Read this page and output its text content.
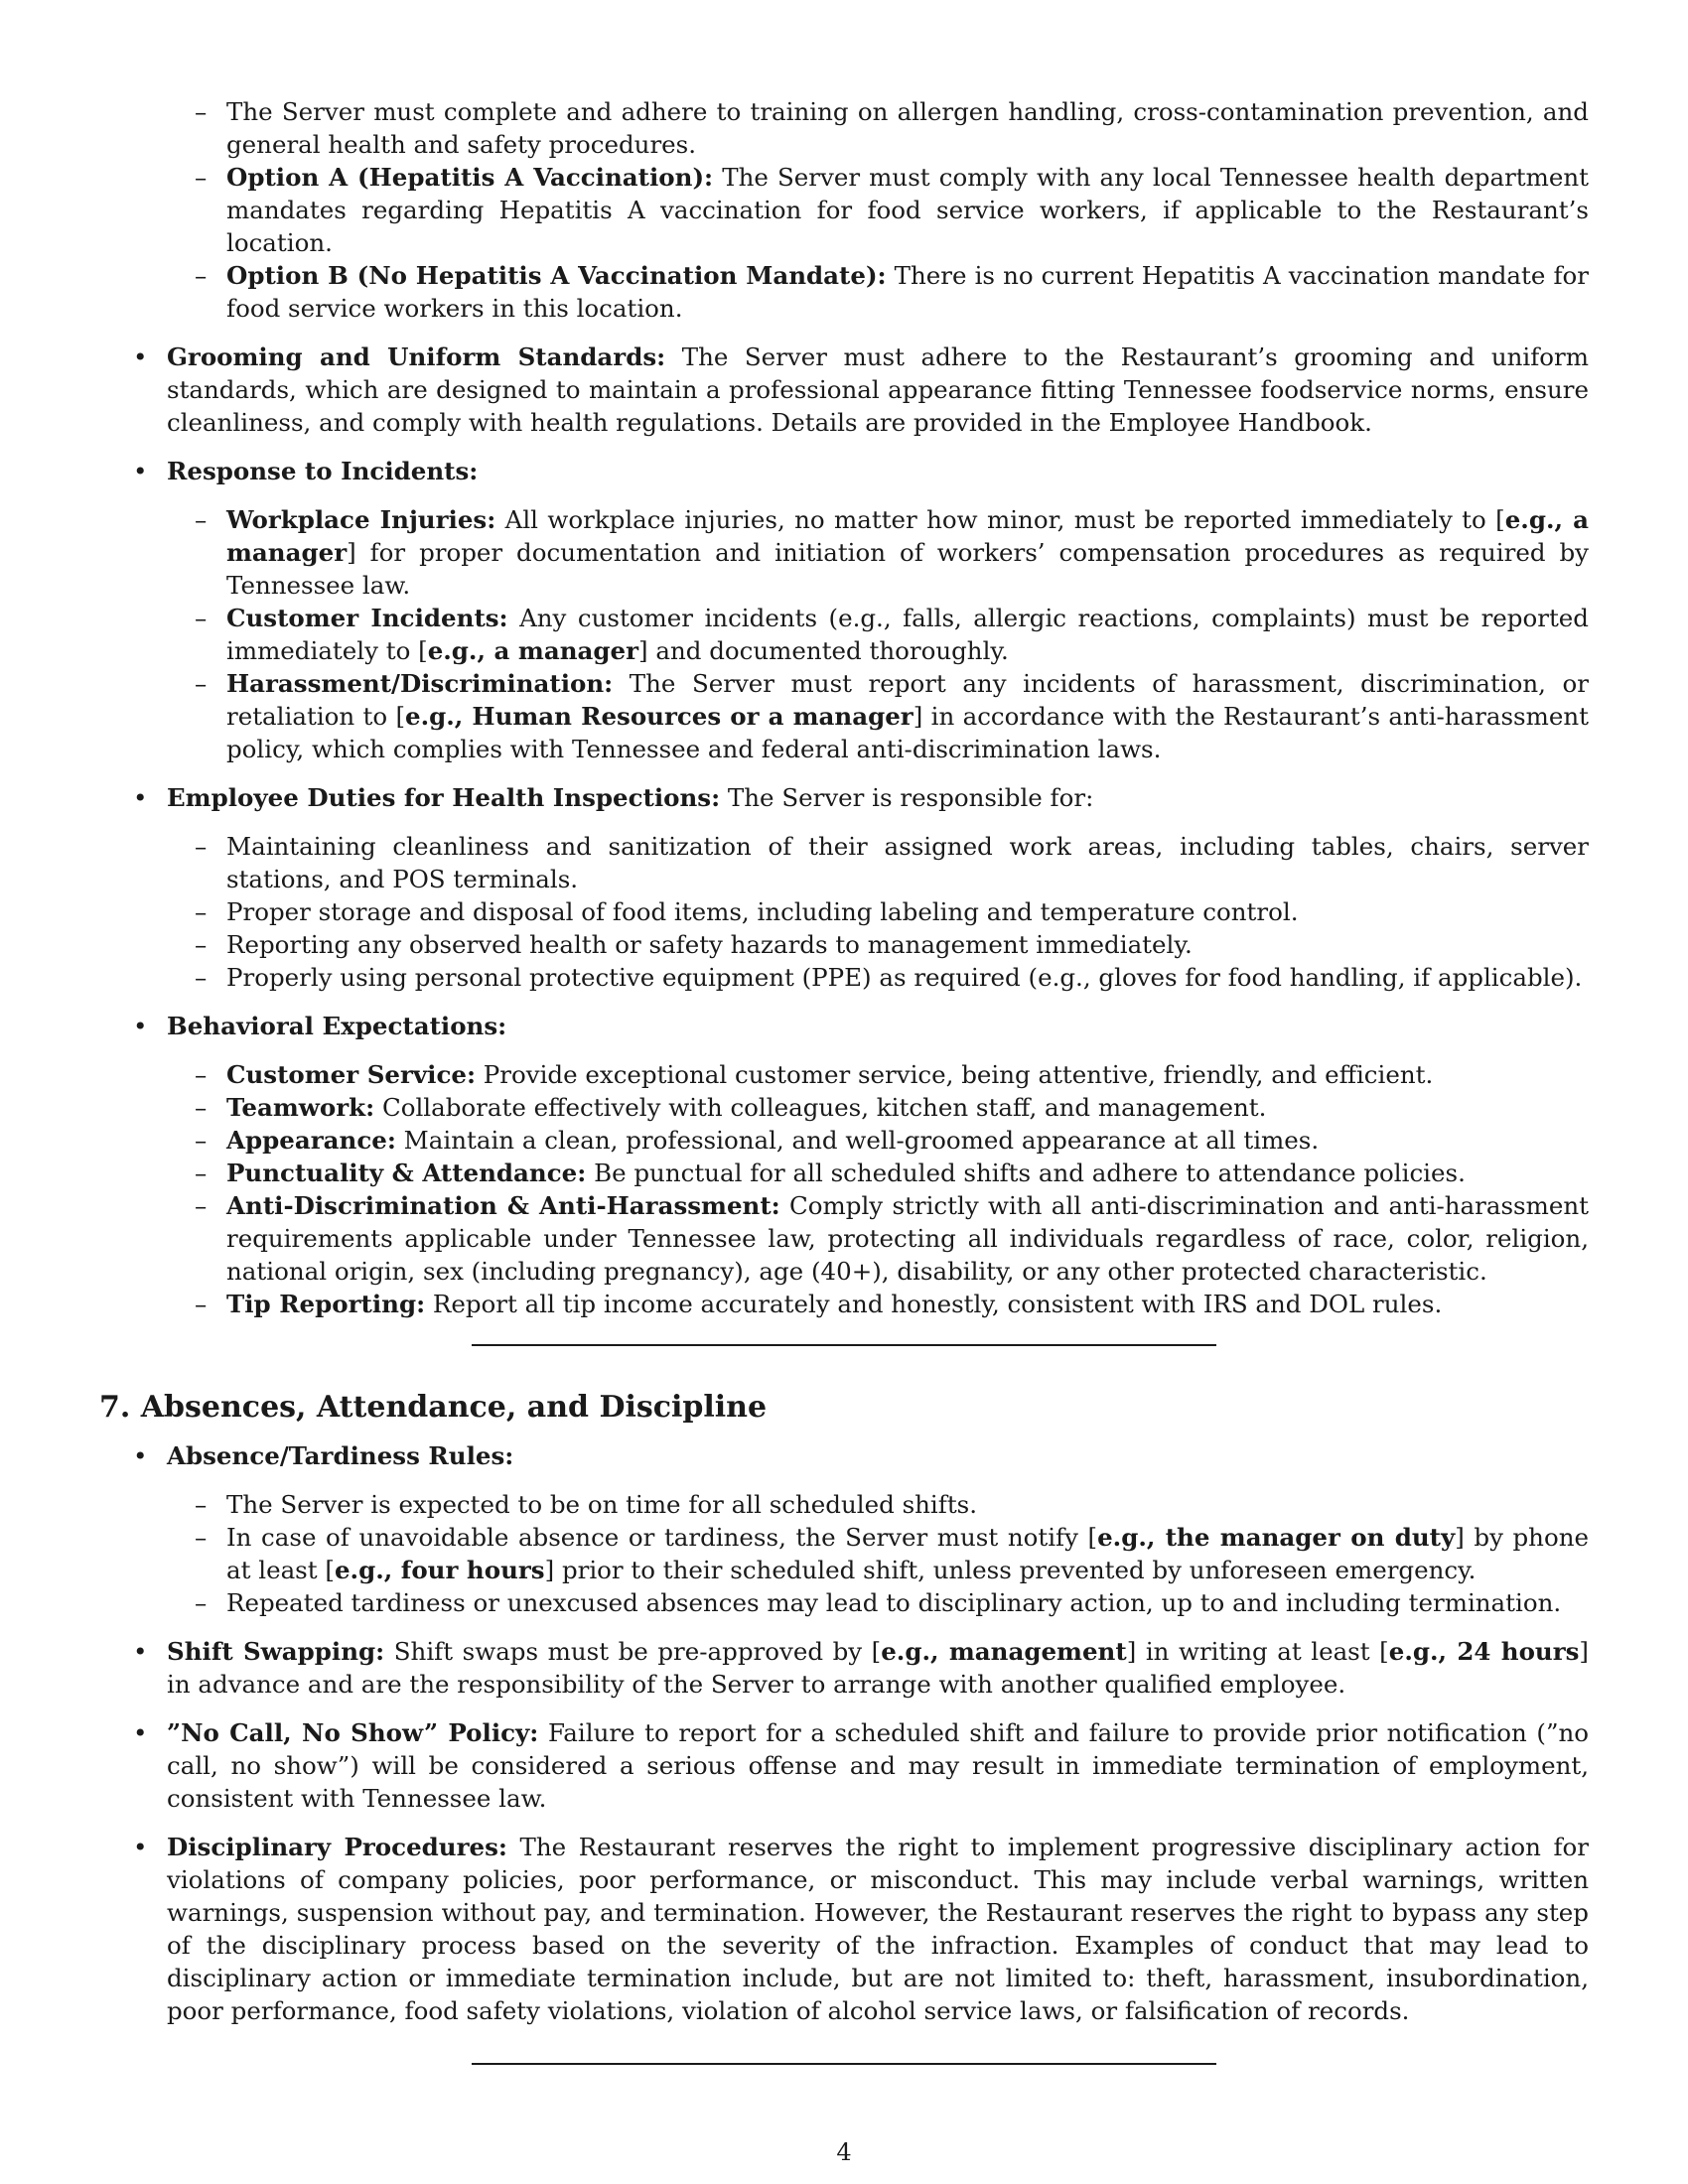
– The Server must complete and adhere to training on allergen handling, cross-contamination prevention, and general health and safety procedures.
– Option A (Hepatitis A Vaccination): The Server must comply with any local Tennessee health department mandates regarding Hepatitis A vaccination for food service workers, if applicable to the Restaurant’s location.
– Option B (No Hepatitis A Vaccination Mandate): There is no current Hepatitis A vaccination mandate for food service workers in this location.
• Grooming and Uniform Standards: The Server must adhere to the Restaurant’s grooming and uniform standards, which are designed to maintain a professional appearance fitting Tennessee foodservice norms, ensure cleanliness, and comply with health regulations. Details are provided in the Employee Handbook.
• Response to Incidents:
– Workplace Injuries: All workplace injuries, no matter how minor, must be reported immediately to [e.g., a manager] for proper documentation and initiation of workers’ compensation procedures as required by Tennessee law.
– Customer Incidents: Any customer incidents (e.g., falls, allergic reactions, complaints) must be reported immediately to [e.g., a manager] and documented thoroughly.
– Harassment/Discrimination: The Server must report any incidents of harassment, discrimination, or retaliation to [e.g., Human Resources or a manager] in accordance with the Restaurant’s anti-harassment policy, which complies with Tennessee and federal anti-discrimination laws.
• Employee Duties for Health Inspections: The Server is responsible for:
– Maintaining cleanliness and sanitization of their assigned work areas, including tables, chairs, server stations, and POS terminals.
– Proper storage and disposal of food items, including labeling and temperature control.
– Reporting any observed health or safety hazards to management immediately.
– Properly using personal protective equipment (PPE) as required (e.g., gloves for food handling, if applicable).
• Behavioral Expectations:
– Customer Service: Provide exceptional customer service, being attentive, friendly, and efficient.
– Teamwork: Collaborate effectively with colleagues, kitchen staff, and management.
– Appearance: Maintain a clean, professional, and well-groomed appearance at all times.
– Punctuality & Attendance: Be punctual for all scheduled shifts and adhere to attendance policies.
– Anti-Discrimination & Anti-Harassment: Comply strictly with all anti-discrimination and anti-harassment requirements applicable under Tennessee law, protecting all individuals regardless of race, color, religion, national origin, sex (including pregnancy), age (40+), disability, or any other protected characteristic.
– Tip Reporting: Report all tip income accurately and honestly, consistent with IRS and DOL rules.
7. Absences, Attendance, and Discipline
• Absence/Tardiness Rules:
– The Server is expected to be on time for all scheduled shifts.
– In case of unavoidable absence or tardiness, the Server must notify [e.g., the manager on duty] by phone at least [e.g., four hours] prior to their scheduled shift, unless prevented by unforeseen emergency.
– Repeated tardiness or unexcused absences may lead to disciplinary action, up to and including termination.
• Shift Swapping: Shift swaps must be pre-approved by [e.g., management] in writing at least [e.g., 24 hours] in advance and are the responsibility of the Server to arrange with another qualified employee.
• ”No Call, No Show” Policy: Failure to report for a scheduled shift and failure to provide prior notification (”no call, no show”) will be considered a serious offense and may result in immediate termination of employment, consistent with Tennessee law.
• Disciplinary Procedures: The Restaurant reserves the right to implement progressive disciplinary action for violations of company policies, poor performance, or misconduct. This may include verbal warnings, written warnings, suspension without pay, and termination. However, the Restaurant reserves the right to bypass any step of the disciplinary process based on the severity of the infraction. Examples of conduct that may lead to disciplinary action or immediate termination include, but are not limited to: theft, harassment, insubordination, poor performance, food safety violations, violation of alcohol service laws, or falsification of records.
4
